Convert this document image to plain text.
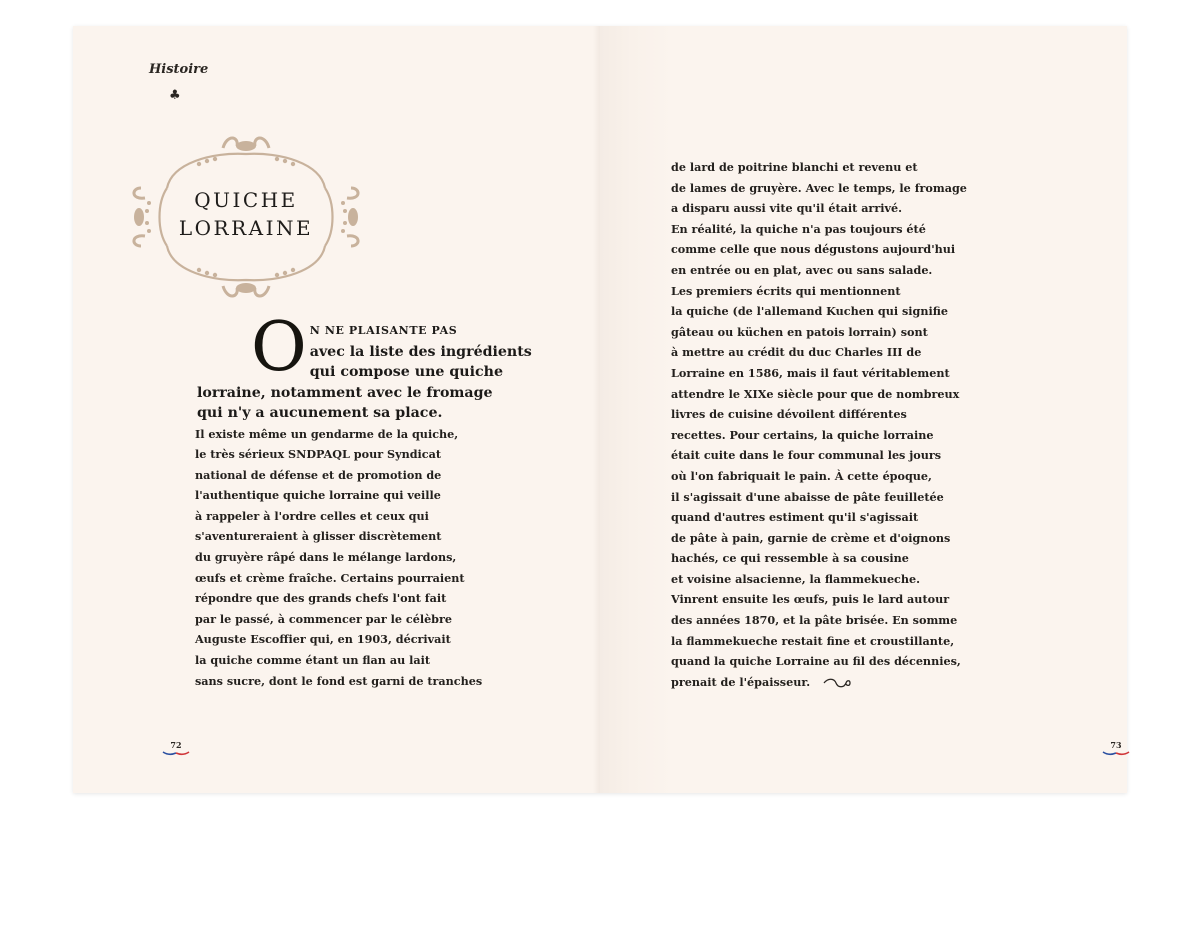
Histoire
♣
QUICHE
LORRAINE
O N NE PLAISANTE PAS
avec la liste des ingrédients
qui compose une quiche
lorraine, notamment avec le fromage
qui n'y a aucunement sa place.
Il existe même un gendarme de la quiche,
le très sérieux SNDPAQL pour Syndicat
national de défense et de promotion de
l'authentique quiche lorraine qui veille
à rappeler à l'ordre celles et ceux qui
s'aventureraient à glisser discrètement
du gruyère râpé dans le mélange lardons,
œufs et crème fraîche. Certains pourraient
répondre que des grands chefs l'ont fait
par le passé, à commencer par le célèbre
Auguste Escoffier qui, en 1903, décrivait
la quiche comme étant un flan au lait
sans sucre, dont le fond est garni de tranches
72
de lard de poitrine blanchi et revenu et
de lames de gruyère. Avec le temps, le fromage
a disparu aussi vite qu'il était arrivé.
En réalité, la quiche n'a pas toujours été
comme celle que nous dégustons aujourd'hui
en entrée ou en plat, avec ou sans salade.
Les premiers écrits qui mentionnent
la quiche (de l'allemand Kuchen qui signifie
gâteau ou küchen en patois lorrain) sont
à mettre au crédit du duc Charles III de
Lorraine en 1586, mais il faut véritablement
attendre le XIXe siècle pour que de nombreux
livres de cuisine dévoilent différentes
recettes. Pour certains, la quiche lorraine
était cuite dans le four communal les jours
où l'on fabriquait le pain. À cette époque,
il s'agissait d'une abaisse de pâte feuilletée
quand d'autres estiment qu'il s'agissait
de pâte à pain, garnie de crème et d'oignons
hachés, ce qui ressemble à sa cousine
et voisine alsacienne, la flammekueche.
Vinrent ensuite les œufs, puis le lard autour
des années 1870, et la pâte brisée. En somme
la flammekueche restait fine et croustillante,
quand la quiche Lorraine au fil des décennies,
prenait de l'épaisseur.
73
